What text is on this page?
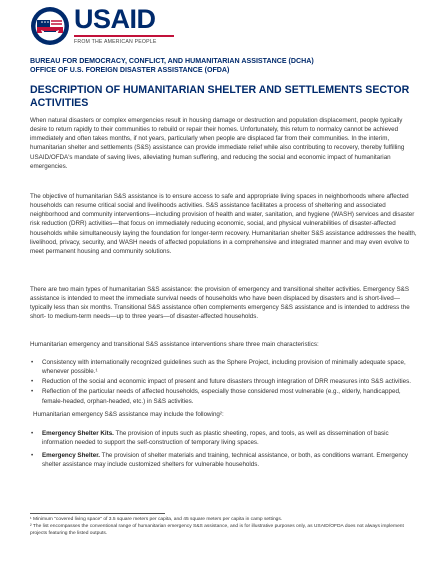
USAID
FROM THE AMERICAN PEOPLE
BUREAU FOR DEMOCRACY, CONFLICT, AND HUMANITARIAN ASSISTANCE (DCHA)
OFFICE OF U.S. FOREIGN DISASTER ASSISTANCE (OFDA)
DESCRIPTION OF HUMANITARIAN SHELTER AND SETTLEMENTS SECTOR ACTIVITIES
When natural disasters or complex emergencies result in housing damage or destruction and population displacement, people typically desire to return rapidly to their communities to rebuild or repair their homes. Unfortunately, this return to normalcy cannot be achieved immediately and often takes months, if not years, particularly when people are displaced far from their communities. In the interim, humanitarian shelter and settlements (S&S) assistance can provide immediate relief while also contributing to recovery, thereby fulfilling USAID/OFDA's mandate of saving lives, alleviating human suffering, and reducing the social and economic impact of humanitarian emergencies.
The objective of humanitarian S&S assistance is to ensure access to safe and appropriate living spaces in neighborhoods where affected households can resume critical social and livelihoods activities. S&S assistance facilitates a process of sheltering and associated neighborhood and community interventions—including provision of health and water, sanitation, and hygiene (WASH) services and disaster risk reduction (DRR) activities—that focus on immediately reducing economic, social, and physical vulnerabilities of disaster-affected households while simultaneously laying the foundation for longer-term recovery. Humanitarian shelter S&S assistance addresses the health, livelihood, privacy, security, and WASH needs of affected populations in a comprehensive and integrated manner and may even evolve to meet permanent housing and community solutions.
There are two main types of humanitarian S&S assistance: the provision of emergency and transitional shelter activities. Emergency S&S assistance is intended to meet the immediate survival needs of households who have been displaced by disasters and is short-lived—typically less than six months. Transitional S&S assistance often complements emergency S&S assistance and is intended to address the short- to medium-term needs—up to three years—of disaster-affected households.
Humanitarian emergency and transitional S&S assistance interventions share three main characteristics:
• Consistency with internationally recognized guidelines such as the Sphere Project, including provision of minimally adequate space, whenever possible.¹
• Reduction of the social and economic impact of present and future disasters through integration of DRR measures into S&S activities.
• Reflection of the particular needs of affected households, especially those considered most vulnerable (e.g., elderly, handicapped, female-headed, orphan-headed, etc.) in S&S activities.
Humanitarian emergency S&S assistance may include the following²:
• Emergency Shelter Kits. The provision of inputs such as plastic sheeting, ropes, and tools, as well as dissemination of basic information needed to support the self-construction of temporary living spaces.
• Emergency Shelter. The provision of shelter materials and training, technical assistance, or both, as conditions warrant. Emergency shelter assistance may include customized shelters for vulnerable households.
¹ Minimum "covered living space" of 3.5 square meters per capita, and 45 square meters per capita in camp settings.
² The list encompasses the conventional range of humanitarian emergency S&S assistance, and is for illustrative purposes only, as USAID/OFDA does not always implement projects featuring the listed outputs.
